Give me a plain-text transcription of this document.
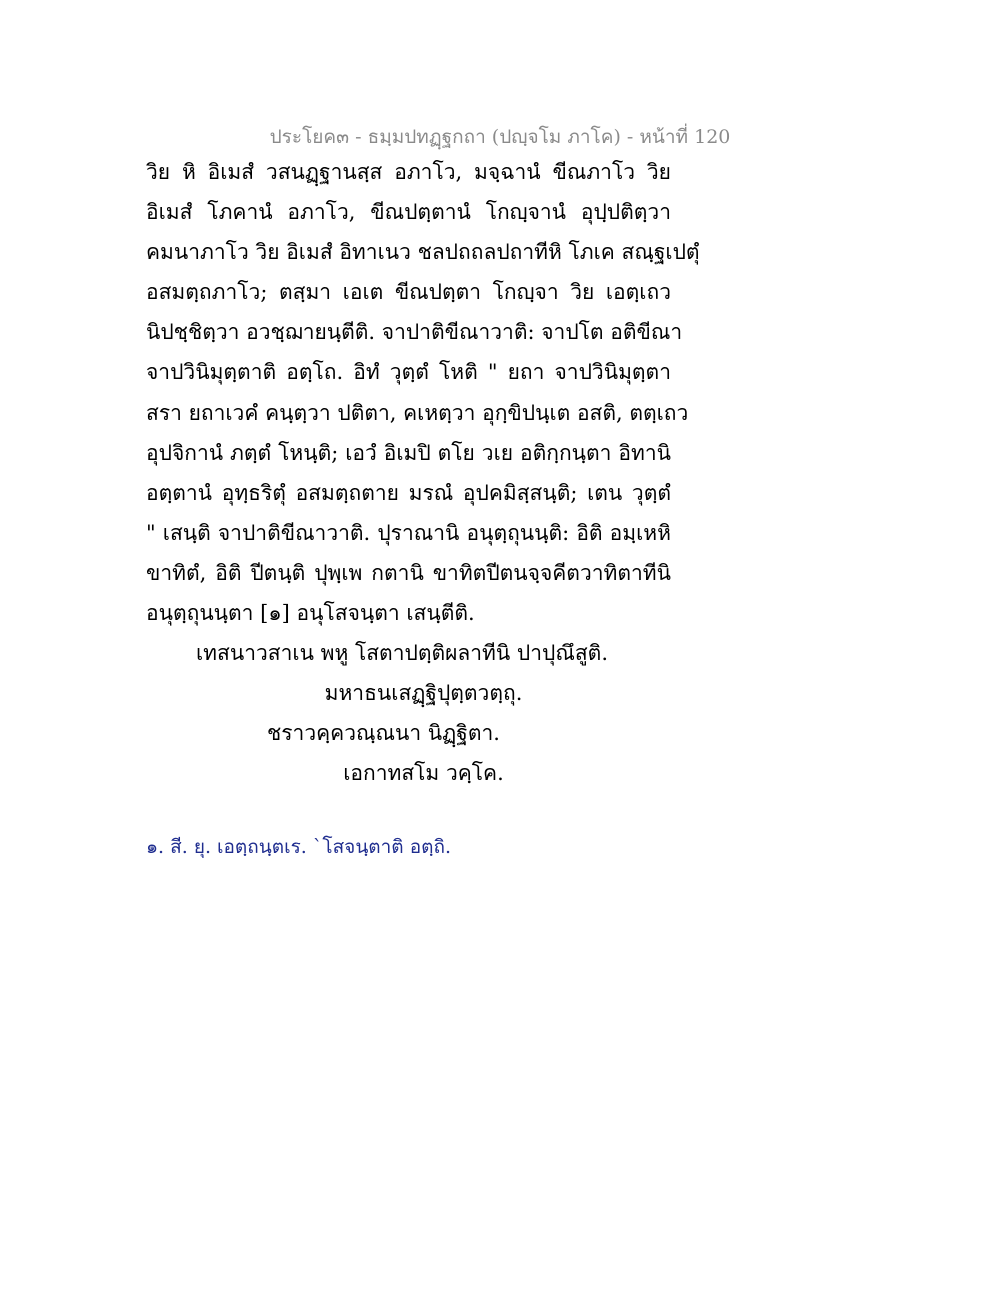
ประโยค๓ - ธมฺมปทฏฺฐกถา (ปญฺจโม ภาโค) - หน้าที่ 120
วิย หิ อิเมสํ วสนฏฺฐานสฺส อภาโว, มจฺฉานํ ขีณภาโว วิย
อิเมสํ โภคานํ อภาโว, ขีณปตฺตานํ โกญฺจานํ อุปฺปติตฺวา
คมนาภาโว วิย อิเมสํ อิทาเนว ชลปถถลปถาทีหิ โภเค สณฺฐเปตุํ
อสมตฺถภาโว; ตสฺมา เอเต ขีณปตฺตา โกญฺจา วิย เอตฺเถว
นิปชฺชิตฺวา อวชฺฌายนฺตีติ. จาปาติขีณาวาติ: จาปโต อติขีณา
จาปวินิมุตฺตาติ อตฺโถ. อิทํ วุตฺตํ โหติ " ยถา จาปวินิมุตฺตา
สรา ยถาเวคํ คนฺตฺวา ปติตา, คเหตฺวา อุกฺขิปนฺเต อสติ, ตตฺเถว
อุปจิกานํ ภตฺตํ โหนฺติ; เอวํ อิเมปิ ตโย วเย อติกฺกนฺตา อิทานิ
อตฺตานํ อุทฺธริตุํ อสมตฺถตาย มรณํ อุปคมิสฺสนฺติ; เตน วุตฺตํ
" เสนฺติ จาปาติขีณาวาติ. ปุราณานิ อนุตฺถุนนฺติ: อิติ อมฺเหหิ
ขาทิตํ, อิติ ปีตนฺติ ปุพฺเพ กตานิ ขาทิตปีตนจฺจคีตวาทิตาทีนิ
อนุตฺถุนนฺตา [๑] อนุโสจนฺตา เสนฺตีติ.
เทสนาวสาเน พหู โสตาปตฺติผลาทีนิ ปาปุณึสูติ.
มหาธนเสฏฺฐิปุตฺตวตฺถุ.
ชราวคฺควณฺณนา นิฏฺฐิตา.
เอกาทสโม วคฺโค.
๑. สี. ยุ. เอตฺถนฺตเร. `โสจนฺตาติ อตฺถิ.
